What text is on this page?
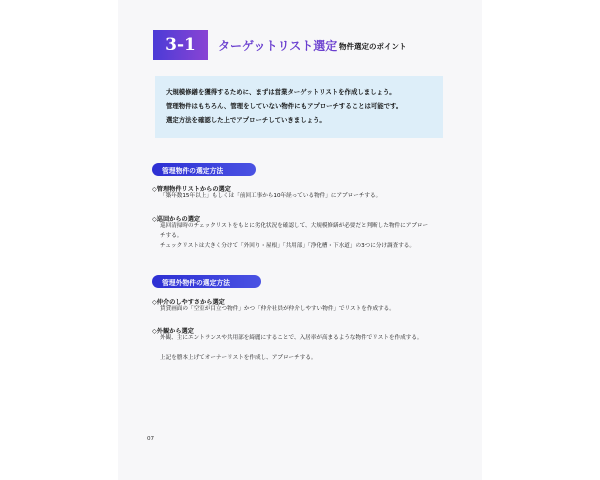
3-1	ターゲットリスト選定 物件選定のポイント
大規模修繕を獲得するために、まずは営業ターゲットリストを作成しましょう。
管理物件はもちろん、管理をしていない物件にもアプローチすることは可能です。
選定方法を確認した上でアプローチしていきましょう。
管理物件の選定方法
◇管理物件リストからの選定
「築年数15年以上」もしくは「前回工事から10年経っている物件」にアプローチする。
◇巡回からの選定
巡回清掃時のチェックリストをもとに劣化状況を確認して、大規模修繕が必要だと判断した物件にアプロー
チする。
チェックリストは大きく分けて「外回り・屋根」「共用部」「浄化槽・下水道」の3つに分け調査する。
管理外物件の選定方法
◇仲介のしやすさから選定
賃貸画面の「空室が目立つ物件」かつ「仲介社員が仲介しやすい物件」でリストを作成する。
◇外観から選定
外観、主にエントランスや共用部を綺麗にすることで、入居率が高まるような物件でリストを作成する。
上記を謄本上げてオーナーリストを作成し、アプローチする。
07
